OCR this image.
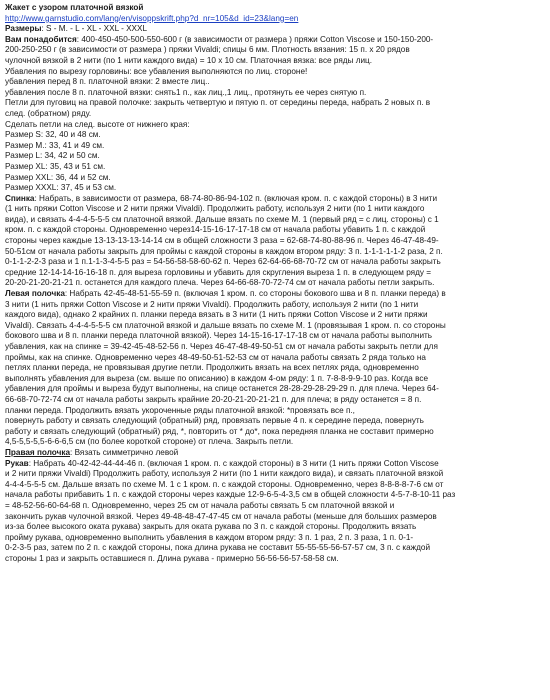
Жакет с узором платочной вязкой
http://www.garnstudio.com/lang/en/visoppskrift.php?d_nr=105&d_id=23&lang=en
Размеры: S - M. - L - XL - XXL - XXXL
Вам понадобится: 400-450-450-500-550-600 г (в зависимости от размера ) пряжи Cotton Viscose и 150-150-200-
200-250-250 г (в зависимости от размера ) пряжи Vivaldi; спицы 6 мм. Плотность вязания: 15 п. х 20 рядов
чулочной вязкой в 2 нити (по 1 нити каждого вида) = 10 х 10 см. Платочная вязка: все ряды лиц.
Убавления по вырезу горловины: все убавления выполняются по лиц. стороне!
убавления перед 8 п. платочной вязки: 2 вместе лиц..
убавления после 8 п. платочной вязки: снять1 п., как лиц.,1 лиц., протянуть ее через снятую п.
Петли для пуговиц на правой полочке: закрыть четвертую и пятую п. от середины переда, набрать 2 новых п. в
след. (обратном) ряду.
Сделать петли на след. высоте от нижнего края:
Размер S: 32, 40 и 48 см.
Размер M.: 33, 41 и 49 см.
Размер L: 34, 42 и 50 см.
Размер XL: 35, 43 и 51 см.
Размер XXL: 36, 44 и 52 см.
Размер XXXL: 37, 45 и 53 см.
Спинка: Набрать, в зависимости от размера, 68-74-80-86-94-102 п. (включая кром. п. с каждой стороны) в 3 нити
(1 нить пряжи Cotton Viscose и 2 нити пряжи Vivaldi). Продолжить работу, используя 2 нити (по 1 нити каждого
вида), и связать 4-4-4-5-5-5 см платочной вязкой. Дальше вязать по схеме М. 1 (первый ряд = с лиц. стороны) с 1
кром. п. с каждой стороны. Одновременно через14-15-16-17-17-18 см от начала работы убавить 1 п. с каждой
стороны через каждые 13-13-13-13-14-14 см в общей сложности 3 раза = 62-68-74-80-88-96 п. Через 46-47-48-49-
50-51см от начала работы закрыть для проймы с каждой стороны в каждом втором ряду: 3 п. 1-1-1-1-1-2 раза, 2 п.
0-1-1-2-2-3 раза и 1 п.1-1-3-4-5-5 раз = 54-56-58-58-60-62 п. Через 62-64-66-68-70-72 см от начала работы закрыть
средние 12-14-14-16-16-18 п. для выреза горловины и убавить для скругления выреза 1 п. в следующем ряду =
20-20-21-20-21-21 п. останется для каждого плеча. Через 64-66-68-70-72-74 см от начала работы петли закрыть.
Левая полочка: Набрать 42-45-48-51-55-59 п. (включая 1 кром. п. со стороны бокового шва и 8 п. планки переда) в
3 нити (1 нить пряжи Cotton Viscose и 2 нити пряжи Vivaldi). Продолжить работу, используя 2 нити (по 1 нити
каждого вида), однако 2 крайних п. планки переда вязать в 3 нити (1 нить пряжи Cotton Viscose и 2 нити пряжи
Vivaldi). Связать 4-4-4-5-5-5 см платочной вязкой и дальше вязать по схеме М. 1 (провязывая 1 кром. п. со стороны
бокового шва и 8 п. планки переда платочной вязкой). Через 14-15-16-17-17-18 см от начала работы выполнить
убавления, как на спинке = 39-42-45-48-52-56 п. Через 46-47-48-49-50-51 см от начала работы закрыть петли для
проймы, как на спинке. Одновременно через 48-49-50-51-52-53 см от начала работы связать 2 ряда только на
петлях планки переда, не провязывая другие петли. Продолжить вязать на всех петлях ряда, одновременно
выполнять убавления для выреза (см. выше по описанию) в каждом 4-ом ряду: 1 п. 7-8-8-9-9-10 раз. Когда все
убавления для проймы и выреза будут выполнены, на спице останется 28-28-29-28-29-29 п. для плеча. Через 64-
66-68-70-72-74 см от начала работы закрыть крайние 20-20-21-20-21-21 п. для плеча; в ряду останется = 8 п.
планки переда. Продолжить вязать укороченные ряды платочной вязкой: *провязать все п.,
повернуть работу и связать следующий (обратный) ряд, провязать первые 4 п. к середине переда, повернуть
работу и связать следующий (обратный) ряд, *, повторить от * до*, пока передняя планка не составит примерно
4,5-5,5-5,5-6-6-6,5 см (по более короткой стороне) от плеча. Закрыть петли.
Правая полочка: Вязать симметрично левой
Рукав: Набрать 40-42-42-44-44-46 п. (включая 1 кром. п. с каждой стороны) в 3 нити (1 нить пряжи Cotton Viscose
и 2 нити пряжи Vivaldi) Продолжить работу, используя 2 нити (по 1 нити каждого вида), и связать платочной вязкой
4-4-4-5-5-5 см. Дальше вязать по схеме М. 1 с 1 кром. п. с каждой стороны. Одновременно, через 8-8-8-8-7-6 см от
начала работы прибавить 1 п. с каждой стороны через каждые 12-9-6-5-4-3,5 см в общей сложности 4-5-7-8-10-11 раз
= 48-52-56-60-64-68 п. Одновременно, через 25 см от начала работы связать 5 см платочной вязкой и
закончить рукав чулочной вязкой. Через 49-48-48-47-47-45 см от начала работы (меньше для больших размеров
из-за более высокого оката рукава) закрыть для оката рукава по 3 п. с каждой стороны. Продолжить вязать
пройму рукава, одновременно выполнить убавления в каждом втором ряду: 3 п. 1 раз, 2 п. 3 раза, 1 п. 0-1-
0-2-3-5 раз, затем по 2 п. с каждой стороны, пока длина рукава не составит 55-55-55-56-57-57 см, 3 п. с каждой
стороны 1 раз и закрыть оставшиеся п. Длина рукава - примерно 56-56-56-57-58-58 см.
